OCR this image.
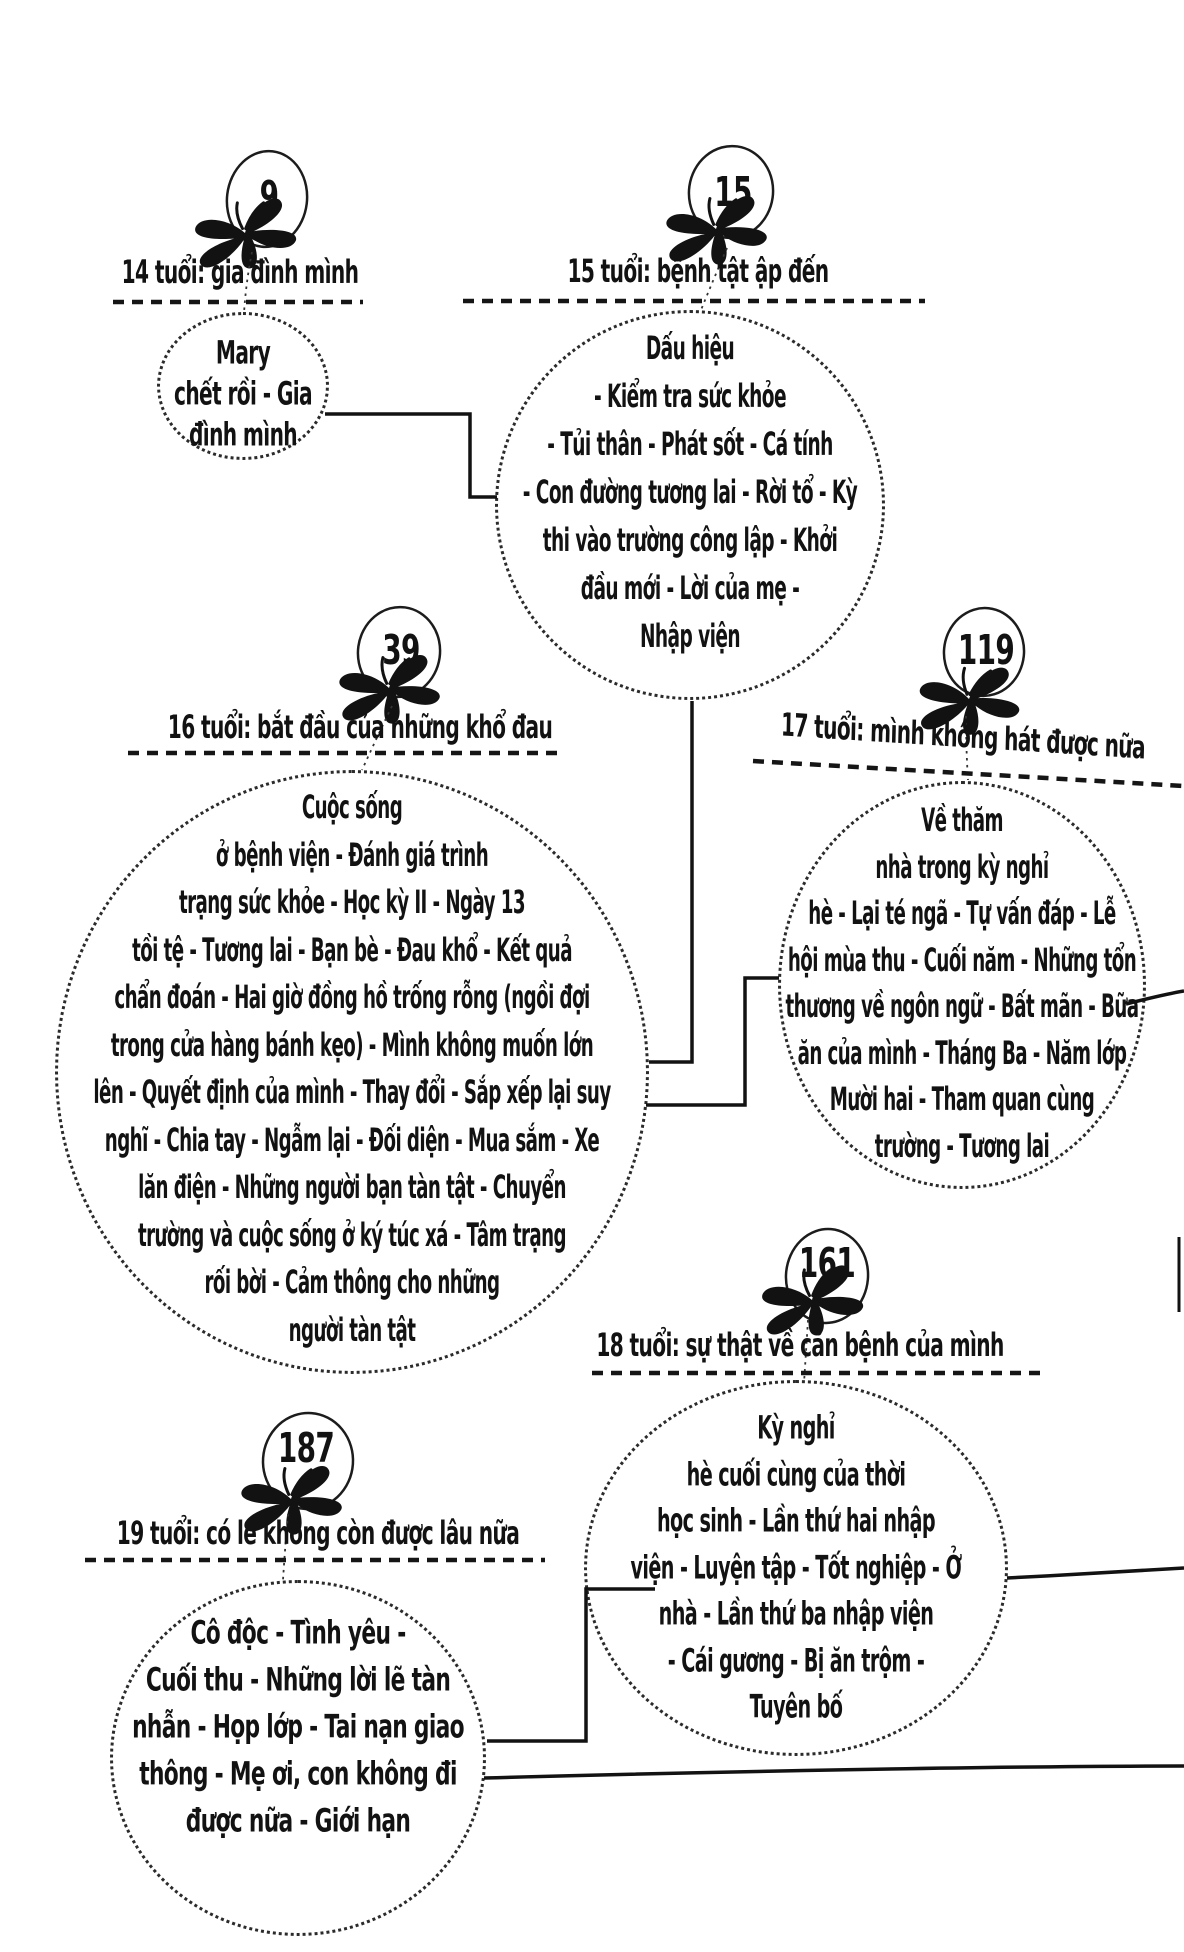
9
14 tuổi: gia đình mình
Mary
chết rồi - Gia
đình mình
15
15 tuổi: bệnh tật ập đến
Dấu hiệu
- Kiểm tra sức khỏe
- Tủi thân - Phát sốt - Cá tính
- Con đường tương lai - Rời tổ - Kỳ
thi vào trường công lập - Khởi
đầu mới - Lời của mẹ -
Nhập viện
39
16 tuổi: bắt đầu của những khổ đau
Cuộc sống
ở bệnh viện - Đánh giá trình
trạng sức khỏe - Học kỳ II - Ngày 13
tồi tệ - Tương lai - Bạn bè - Đau khổ - Kết quả
chẩn đoán - Hai giờ đồng hồ trống rỗng (ngồi đợi
trong cửa hàng bánh kẹo) - Mình không muốn lớn
lên - Quyết định của mình - Thay đổi - Sắp xếp lại suy
nghĩ - Chia tay - Ngẫm lại - Đối diện - Mua sắm - Xe
lăn điện - Những người bạn tàn tật - Chuyển
trường và cuộc sống ở ký túc xá - Tâm trạng
rối bời - Cảm thông cho những
người tàn tật
119
17 tuổi: mình không hát được nữa
Về thăm
nhà trong kỳ nghỉ
hè - Lại té ngã - Tự vấn đáp - Lễ
hội mùa thu - Cuối năm - Những tổn
thương về ngôn ngữ - Bất mãn - Bữa
ăn của mình - Tháng Ba - Năm lớp
Mười hai - Tham quan cùng
trường - Tương lai
161
18 tuổi: sự thật về căn bệnh của mình
Kỳ nghỉ
hè cuối cùng của thời
học sinh - Lần thứ hai nhập
viện - Luyện tập - Tốt nghiệp - Ở
nhà - Lần thứ ba nhập viện
- Cái gương - Bị ăn trộm -
Tuyên bố
187
19 tuổi: có lẽ không còn được lâu nữa
Cô độc - Tình yêu -
Cuối thu - Những lời lẽ tàn
nhẫn - Họp lớp - Tai nạn giao
thông - Mẹ ơi, con không đi
được nữa - Giới hạn
